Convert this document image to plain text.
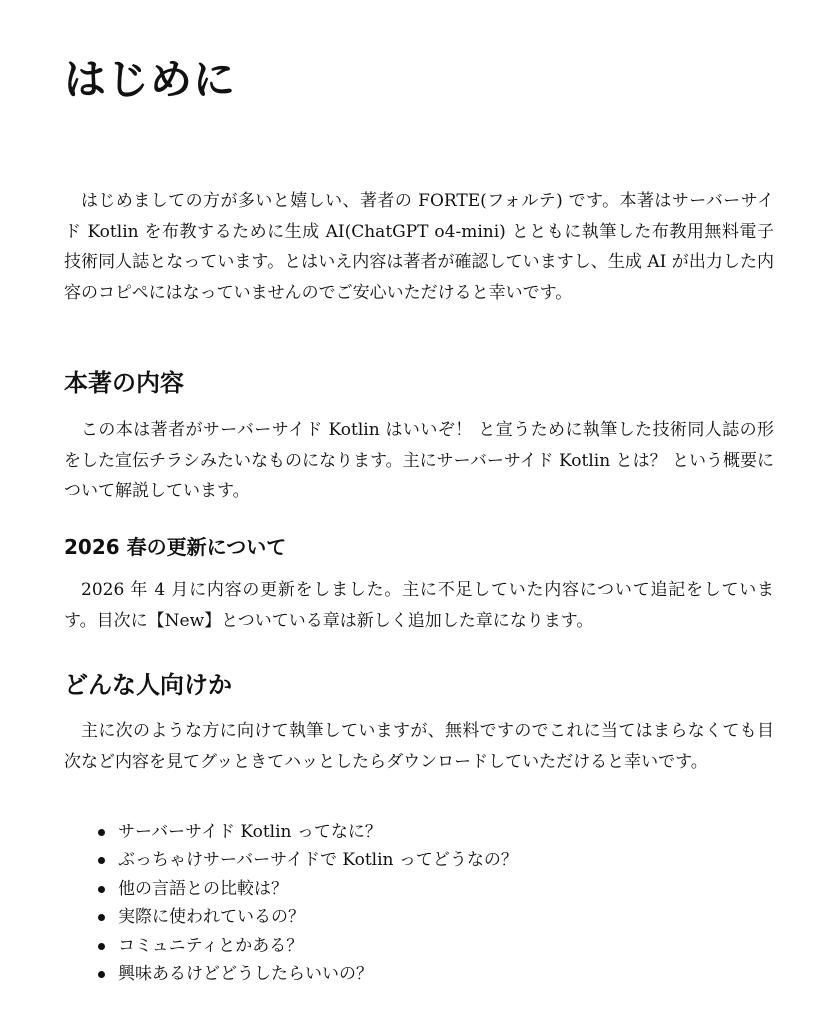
はじめに

はじめましての方が多いと嬉しい、著者の FORTE(フォルテ) です。本著はサーバーサイド Kotlin を布教するために生成 AI(ChatGPT o4-mini) とともに執筆した布教用無料電子技術同人誌となっています。とはいえ内容は著者が確認していますし、生成 AI が出力した内容のコピペにはなっていませんのでご安心いただけると幸いです。

本著の内容

この本は著者がサーバーサイド Kotlin はいいぞ！ と宣うために執筆した技術同人誌の形をした宣伝チラシみたいなものになります。主にサーバーサイド Kotlin とは？ という概要について解説しています。

2026 春の更新について

2026 年 4 月に内容の更新をしました。主に不足していた内容について追記をしています。目次に【New】とついている章は新しく追加した章になります。

どんな人向けか

主に次のような方に向けて執筆していますが、無料ですのでこれに当てはまらなくても目次など内容を見てグッときてハッとしたらダウンロードしていただけると幸いです。

サーバーサイド Kotlin ってなに？
ぶっちゃけサーバーサイドで Kotlin ってどうなの？
他の言語との比較は？
実際に使われているの？
コミュニティとかある？
興味あるけどどうしたらいいの？
